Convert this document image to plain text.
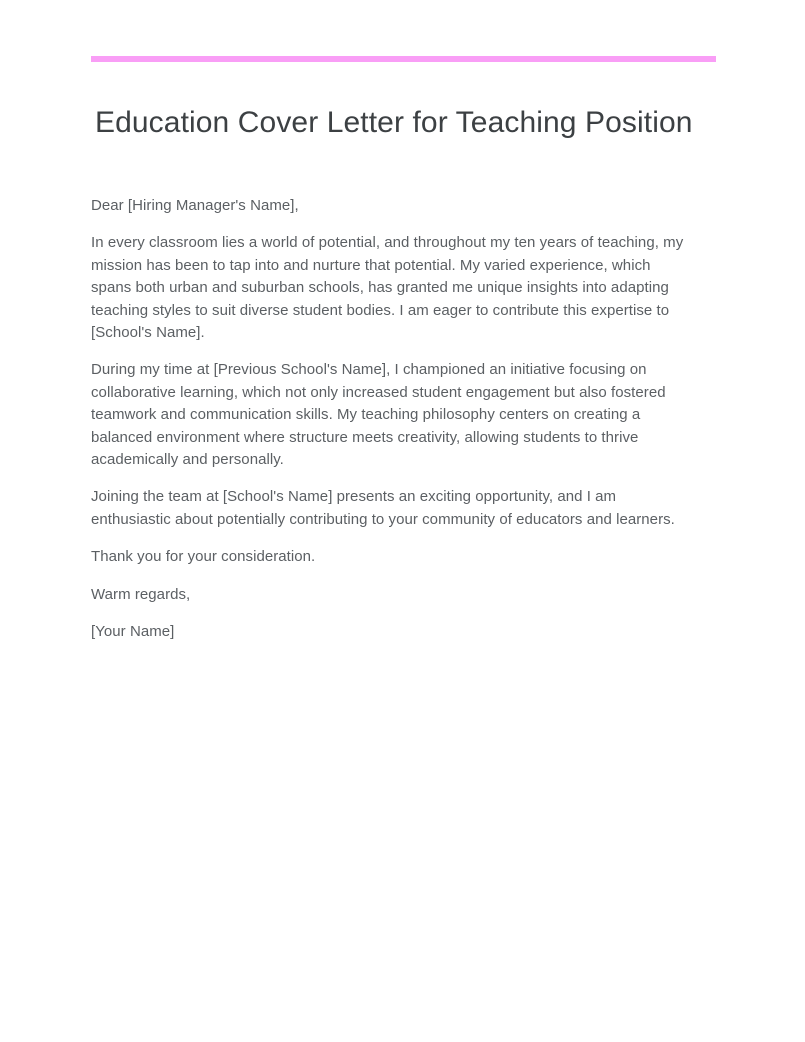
Education Cover Letter for Teaching Position

Dear [Hiring Manager's Name],

In every classroom lies a world of potential, and throughout my ten years of teaching, my mission has been to tap into and nurture that potential. My varied experience, which spans both urban and suburban schools, has granted me unique insights into adapting teaching styles to suit diverse student bodies. I am eager to contribute this expertise to [School's Name].

During my time at [Previous School's Name], I championed an initiative focusing on collaborative learning, which not only increased student engagement but also fostered teamwork and communication skills. My teaching philosophy centers on creating a balanced environment where structure meets creativity, allowing students to thrive academically and personally.

Joining the team at [School's Name] presents an exciting opportunity, and I am enthusiastic about potentially contributing to your community of educators and learners.

Thank you for your consideration.

Warm regards,

[Your Name]
